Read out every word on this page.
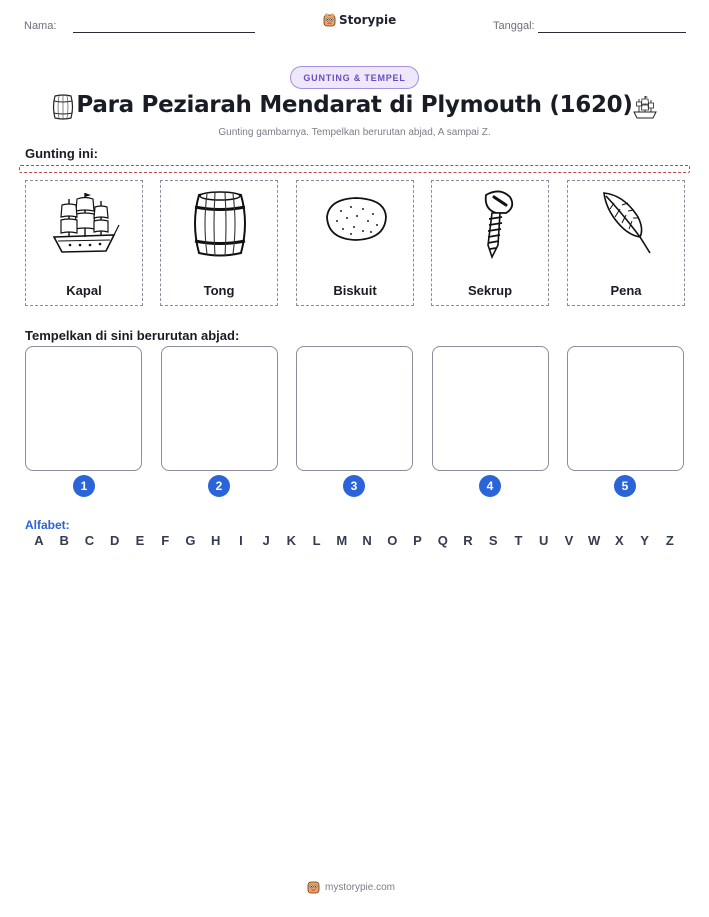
Nama:	Storypie	Tanggal:
GUNTING & TEMPEL
Para Peziarah Mendarat di Plymouth (1620)
Gunting gambarnya. Tempelkan berurutan abjad, A sampai Z.
Gunting ini:
Kapal	Tong	Biskuit	Sekrup	Pena
Tempelkan di sini berurutan abjad:
1	2	3	4	5
Alfabet:
A B C D E F G H	I	J K L M N O P Q R S T U V W X Y Z
mystorypie.com
